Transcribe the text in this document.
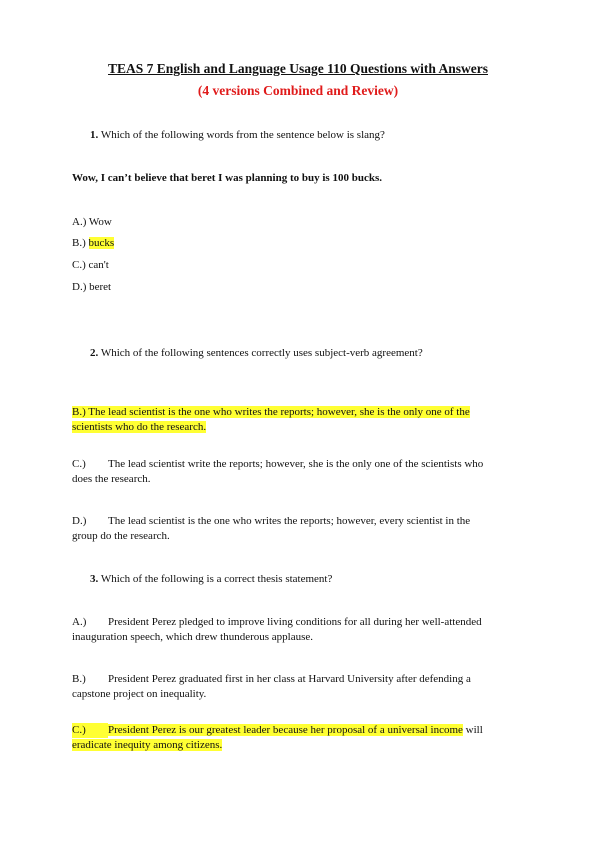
TEAS 7 English and Language Usage 110 Questions with Answers
(4 versions Combined and Review)
1. Which of the following words from the sentence below is slang?
Wow, I can’t believe that beret I was planning to buy is 100 bucks.
A.) Wow
B.) bucks
C.) can't
D.) beret
2. Which of the following sentences correctly uses subject-verb agreement?
B.) The lead scientist is the one who writes the reports; however, she is the only one of the
scientists who do the research.
C.) The lead scientist write the reports; however, she is the only one of the scientists who
does the research.
D.) The lead scientist is the one who writes the reports; however, every scientist in the
group do the research.
3. Which of the following is a correct thesis statement?
A.) President Perez pledged to improve living conditions for all during her well-attended
inauguration speech, which drew thunderous applause.
B.) President Perez graduated first in her class at Harvard University after defending a
capstone project on inequality.
C.) President Perez is our greatest leader because her proposal of a universal income will
eradicate inequity among citizens.
